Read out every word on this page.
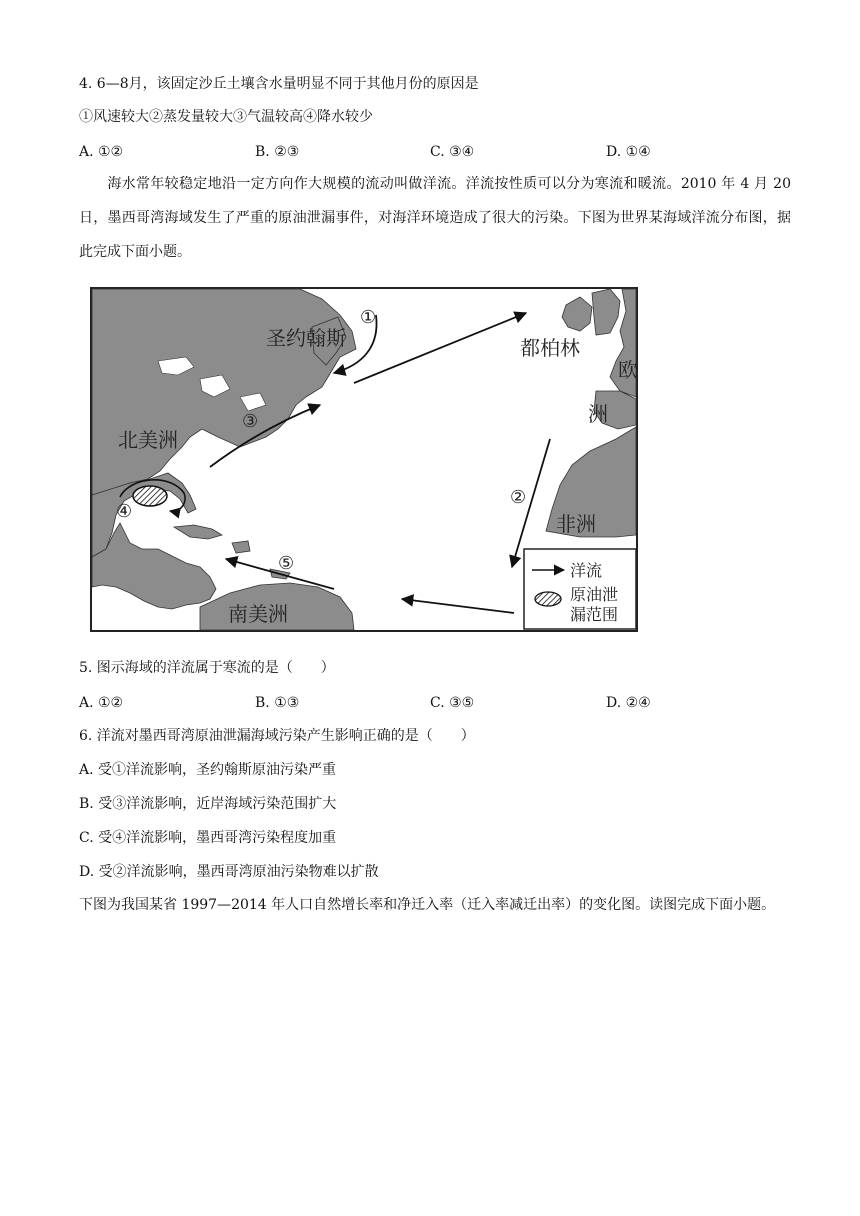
4. 6—8月，该固定沙丘土壤含水量明显不同于其他月份的原因是
①风速较大②蒸发量较大③气温较高④降水较少
A. ①②	B. ②③	C. ③④	D. ①④
海水常年较稳定地沿一定方向作大规模的流动叫做洋流。洋流按性质可以分为寒流和暖流。2010 年 4 月 20 日，墨西哥湾海域发生了严重的原油泄漏事件，对海洋环境造成了很大的污染。下图为世界某海域洋流分布图，据此完成下面小题。
①
②
③
④
⑤
圣约翰斯	都柏林
欧
洲
北美洲
非洲
南美洲
洋流
原油泄
漏范围
5. 图示海域的洋流属于寒流的是（　　）
A. ①②	B. ①③	C. ③⑤	D. ②④
6. 洋流对墨西哥湾原油泄漏海域污染产生影响正确的是（　　）
A. 受①洋流影响，圣约翰斯原油污染严重
B. 受③洋流影响，近岸海域污染范围扩大
C. 受④洋流影响，墨西哥湾污染程度加重
D. 受②洋流影响，墨西哥湾原油污染物难以扩散
下图为我国某省 1997—2014 年人口自然增长率和净迁入率（迁入率减迁出率）的变化图。读图完成下面小题。
